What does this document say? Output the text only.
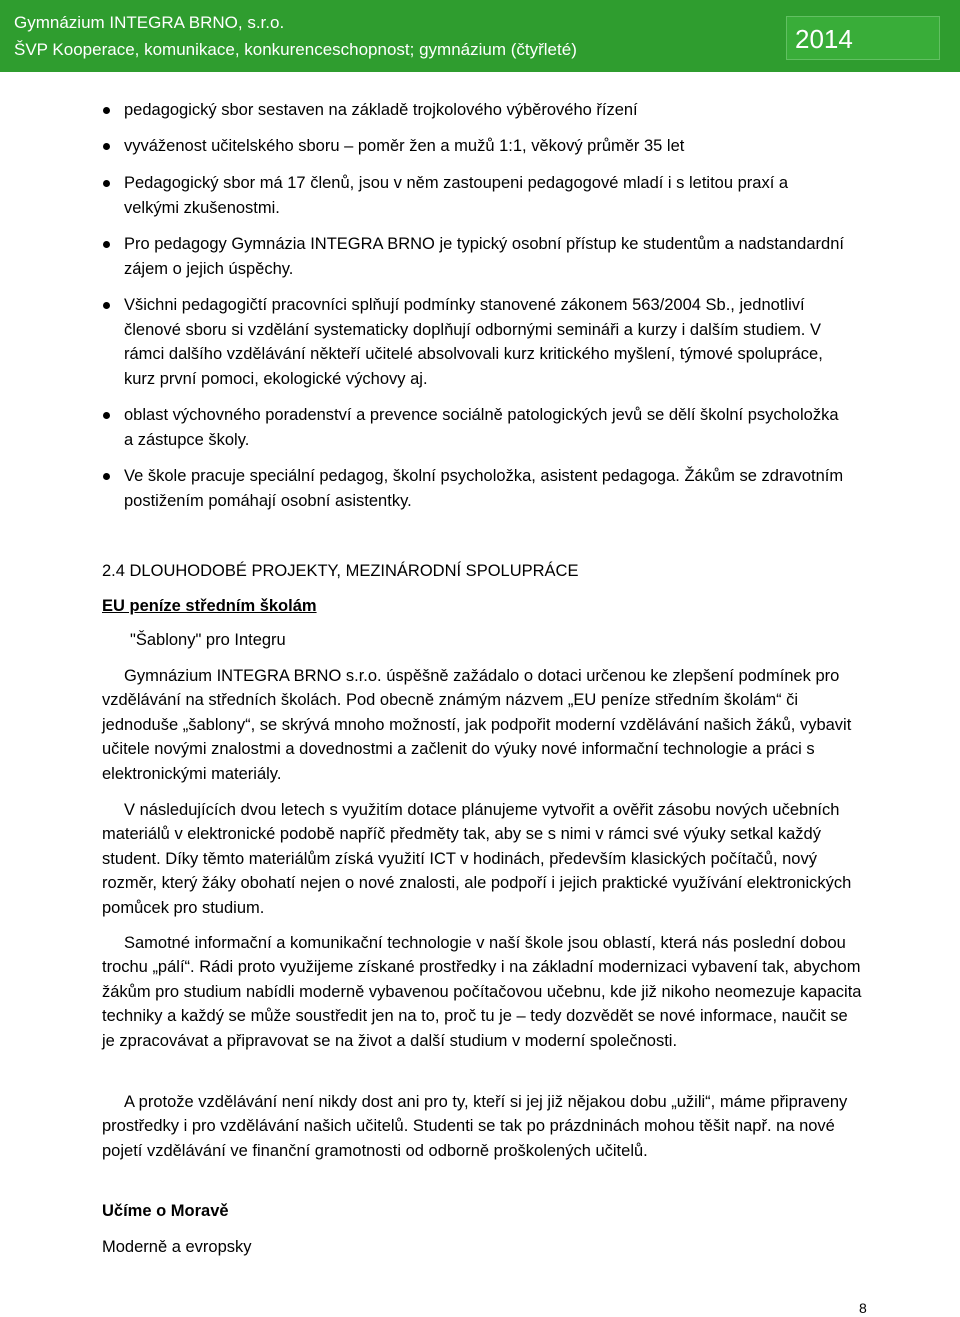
Gymnázium INTEGRA BRNO, s.r.o.
ŠVP Kooperace, komunikace, konkurenceschopnost; gymnázium (čtyřleté)	2014
pedagogický sbor sestaven na základě trojkolového výběrového řízení
vyváženost učitelského sboru – poměr žen a mužů 1:1, věkový průměr 35 let
Pedagogický sbor má 17 členů, jsou v něm zastoupeni pedagogové mladí i s letitou praxí a velkými zkušenostmi.
Pro pedagogy Gymnázia INTEGRA BRNO je typický osobní přístup ke studentům a nadstandardní zájem o jejich úspěchy.
Všichni pedagogičtí pracovníci splňují podmínky stanovené zákonem 563/2004 Sb., jednotliví členové sboru si vzdělání systematicky doplňují odbornými semináři a kurzy i dalším studiem. V rámci dalšího vzdělávání někteří učitelé absolvovali kurz kritického myšlení, týmové spolupráce, kurz první pomoci, ekologické výchovy aj.
oblast výchovného poradenství a prevence sociálně patologických jevů se dělí školní psycholožka a zástupce školy.
Ve škole pracuje speciální pedagog, školní psycholožka, asistent pedagoga. Žákům se zdravotním postižením pomáhají osobní asistentky.
2.4 DLOUHODOBÉ PROJEKTY, MEZINÁRODNÍ SPOLUPRÁCE
EU peníze středním školám
"Šablony" pro Integru
Gymnázium INTEGRA BRNO s.r.o. úspěšně zažádalo o dotaci určenou ke zlepšení podmínek pro vzdělávání na středních školách. Pod obecně známým názvem „EU peníze středním školám“ či jednoduše „šablony“, se skrývá mnoho možností, jak podpořit moderní vzdělávání našich žáků, vybavit učitele novými znalostmi a dovednostmi a začlenit do výuky nové informační technologie a práci s elektronickými materiály.
V následujících dvou letech s využitím dotace plánujeme vytvořit a ověřit zásobu nových učebních materiálů v elektronické podobě napříč předměty tak, aby se s nimi v rámci své výuky setkal každý student. Díky těmto materiálům získá využití ICT v hodinách, především klasických počítačů, nový rozměr, který žáky obohatí nejen o nové znalosti, ale podpoří i jejich praktické využívání elektronických pomůcek pro studium.
Samotné informační a komunikační technologie v naší škole jsou oblastí, která nás poslední dobou trochu „pálí“. Rádi proto využijeme získané prostředky i na základní modernizaci vybavení tak, abychom žákům pro studium nabídli moderně vybavenou počítačovou učebnu, kde již nikoho neomezuje kapacita techniky a každý se může soustředit jen na to, proč tu je – tedy dozvědět se nové informace, naučit se je zpracovávat a připravovat se na život a další studium v moderní společnosti.
A protože vzdělávání není nikdy dost ani pro ty, kteří si jej již nějakou dobu „užili“, máme připraveny prostředky i pro vzdělávání našich učitelů. Studenti se tak po prázdninách mohou těšit např. na nové pojetí vzdělávání ve finanční gramotnosti od odborně proškolených učitelů.
Učíme o Moravě
Moderně a evropsky
8
